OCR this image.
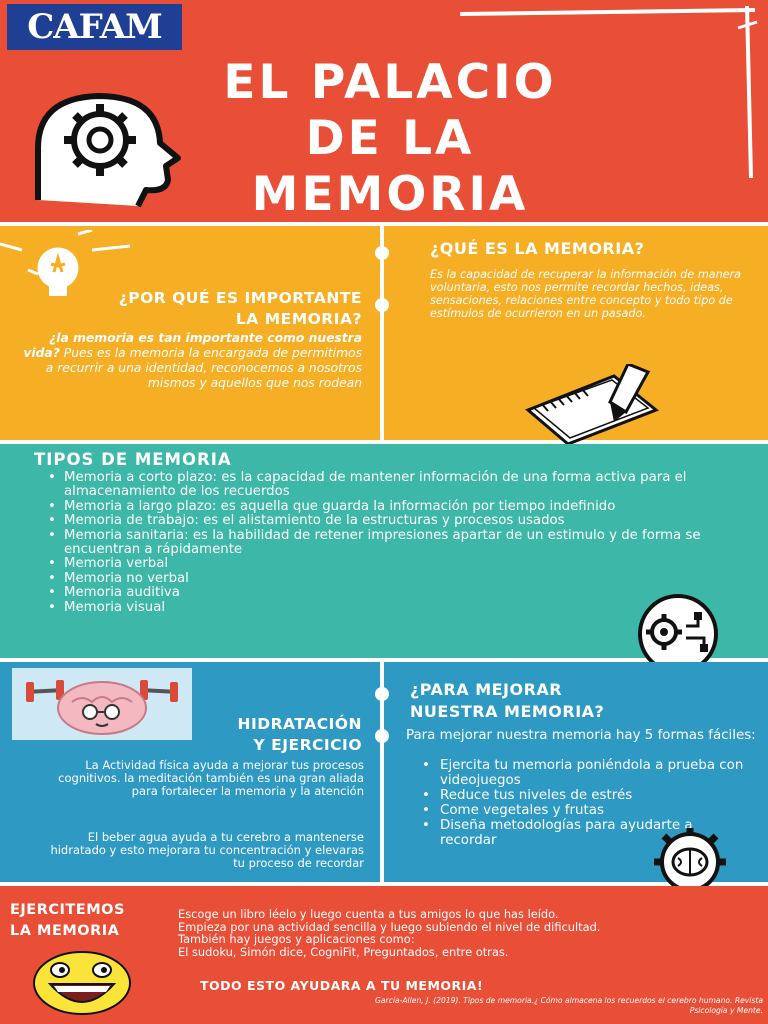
CAFAM
EL PALACIO
DE LA
MEMORIA
¿POR QUÉ ES IMPORTANTE
LA MEMORIA?
¿la memoria es tan importante como nuestra vida? Pues es la memoria la encargada de permitimos a recurrir a una identidad, reconocemos a nosotros mismos y aquellos que nos rodean
¿QUÉ ES LA MEMORIA?
Es la capacidad de recuperar la información de manera voluntaria, esto nos permite recordar hechos, ideas, sensaciones, relaciones entre concepto y todo tipo de estímulos de ocurrieron en un pasado.
TIPOS DE MEMORIA
• Memoria a corto plazo: es la capacidad de mantener información de una forma activa para el almacenamiento de los recuerdos
• Memoria a largo plazo: es aquella que guarda la información por tiempo indefinido
• Memoria de trabajo: es el alistamiento de la estructuras y procesos usados
• Memoria sanitaria: es la habilidad de retener impresiones apartar de un estimulo y de forma se encuentran a rápidamente
• Memoria verbal
• Memoria no verbal
• Memoria auditiva
• Memoria visual
HIDRATACIÓN
Y EJERCICIO
La Actividad física ayuda a mejorar tus procesos cognitivos. la meditación también es una gran aliada para fortalecer la memoria y la atención
El beber agua ayuda a tu cerebro a mantenerse hidratado y esto mejorara tu concentración y elevaras tu proceso de recordar
¿PARA MEJORAR
NUESTRA MEMORIA?
Para mejorar nuestra memoria hay 5 formas fáciles:
• Ejercita tu memoria poniéndola a prueba con videojuegos
• Reduce tus niveles de estrés
• Come vegetales y frutas
• Diseña metodologías para ayudarte a recordar
EJERCITEMOS
LA MEMORIA
Escoge un libro léelo y luego cuenta a tus amigos lo que has leído.
Empieza por una actividad sencilla y luego subiendo el nivel de dificultad.
También hay juegos y aplicaciones como:
El sudoku, Simón dice, CogniFit, Preguntados, entre otras.
TODO ESTO AYUDARA A TU MEMORIA!
García-Allen, J. (2019). Tipos de memoria.¿ Cómo almacena los recuerdos el cerebro humano. Revista Psicología y Mente.
